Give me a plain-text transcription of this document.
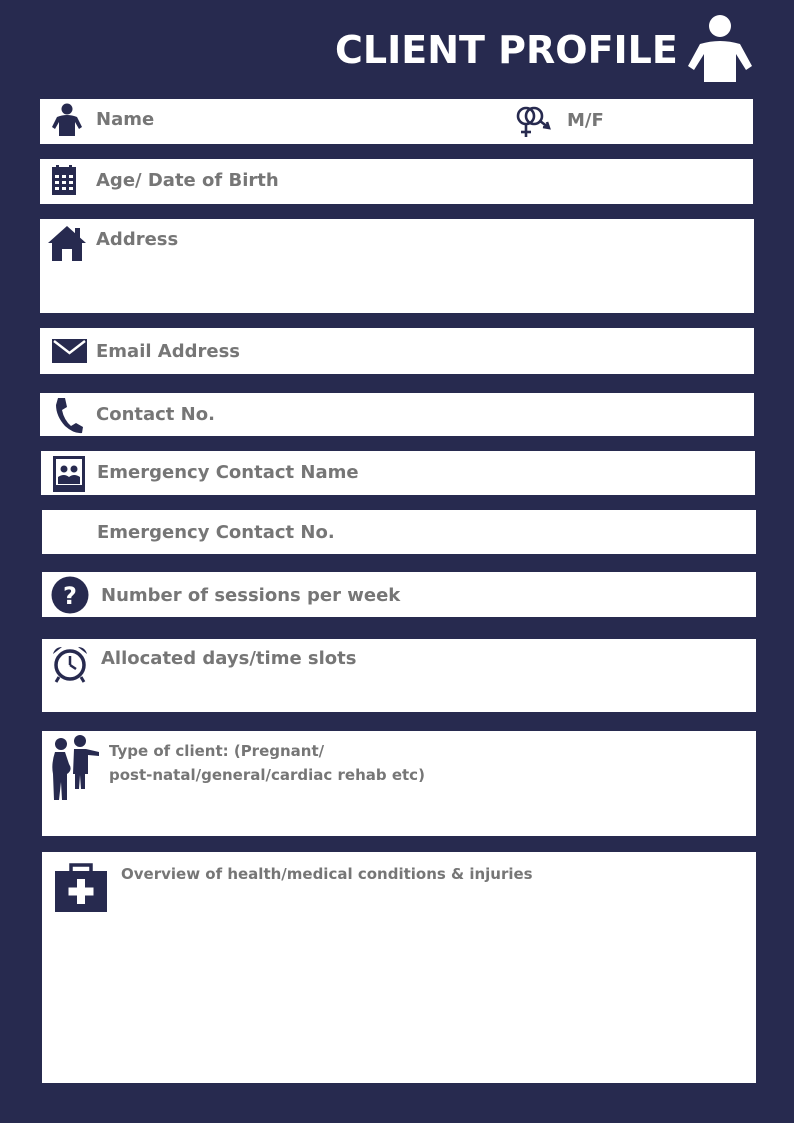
CLIENT PROFILE
Name	M/F
Age/ Date of Birth
Address
Email Address
Contact No.
Emergency Contact Name
Emergency Contact No.
? Number of sessions per week
Allocated days/time slots
Type of client: (Pregnant/
post-natal/general/cardiac rehab etc)
Overview of health/medical conditions & injuries
